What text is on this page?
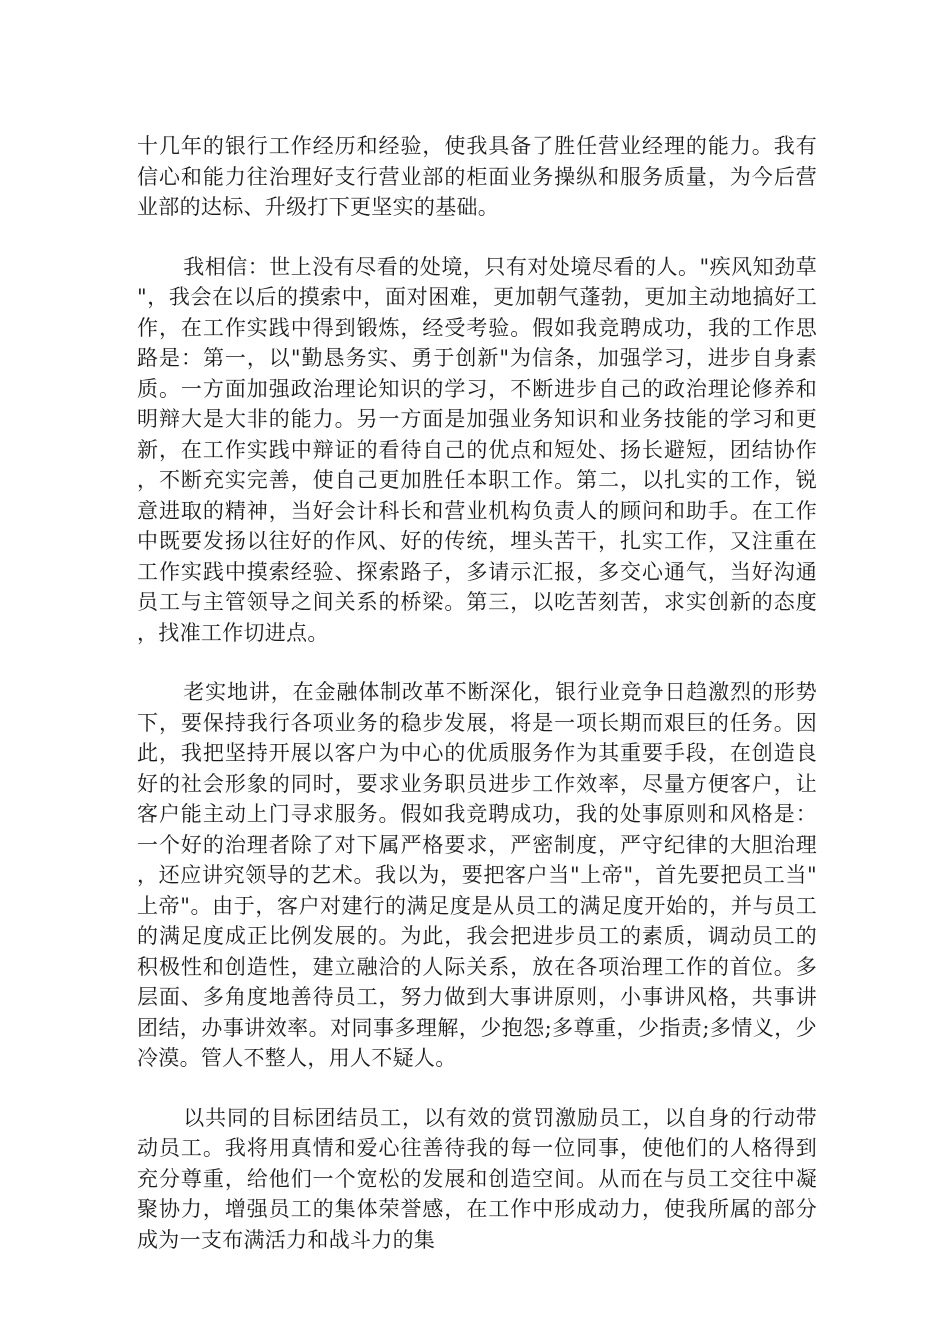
十几年的银行工作经历和经验，使我具备了胜任营业经理的能力。我有信心和能力往治理好支行营业部的柜面业务操纵和服务质量，为今后营业部的达标、升级打下更坚实的基础。

我相信：世上没有尽看的处境，只有对处境尽看的人。"疾风知劲草"，我会在以后的摸索中，面对困难，更加朝气蓬勃，更加主动地搞好工作，在工作实践中得到锻炼，经受考验。假如我竞聘成功，我的工作思路是：第一，以"勤恳务实、勇于创新"为信条，加强学习，进步自身素质。一方面加强政治理论知识的学习，不断进步自己的政治理论修养和明辩大是大非的能力。另一方面是加强业务知识和业务技能的学习和更新，在工作实践中辩证的看待自己的优点和短处、扬长避短，团结协作，不断充实完善，使自己更加胜任本职工作。第二，以扎实的工作，锐意进取的精神，当好会计科长和营业机构负责人的顾问和助手。在工作中既要发扬以往好的作风、好的传统，埋头苦干，扎实工作，又注重在工作实践中摸索经验、探索路子，多请示汇报，多交心通气，当好沟通员工与主管领导之间关系的桥梁。第三，以吃苦刻苦，求实创新的态度，找准工作切进点。

老实地讲，在金融体制改革不断深化，银行业竞争日趋激烈的形势下，要保持我行各项业务的稳步发展，将是一项长期而艰巨的任务。因此，我把坚持开展以客户为中心的优质服务作为其重要手段，在创造良好的社会形象的同时，要求业务职员进步工作效率，尽量方便客户，让客户能主动上门寻求服务。假如我竞聘成功，我的处事原则和风格是：一个好的治理者除了对下属严格要求，严密制度，严守纪律的大胆治理，还应讲究领导的艺术。我以为，要把客户当"上帝"，首先要把员工当"上帝"。由于，客户对建行的满足度是从员工的满足度开始的，并与员工的满足度成正比例发展的。为此，我会把进步员工的素质，调动员工的积极性和创造性，建立融洽的人际关系，放在各项治理工作的首位。多层面、多角度地善待员工，努力做到大事讲原则，小事讲风格，共事讲团结，办事讲效率。对同事多理解，少抱怨;多尊重，少指责;多情义，少冷漠。管人不整人，用人不疑人。

以共同的目标团结员工，以有效的赏罚激励员工，以自身的行动带动员工。我将用真情和爱心往善待我的每一位同事，使他们的人格得到充分尊重，给他们一个宽松的发展和创造空间。从而在与员工交往中凝聚协力，增强员工的集体荣誉感，在工作中形成动力，使我所属的部分成为一支布满活力和战斗力的集
